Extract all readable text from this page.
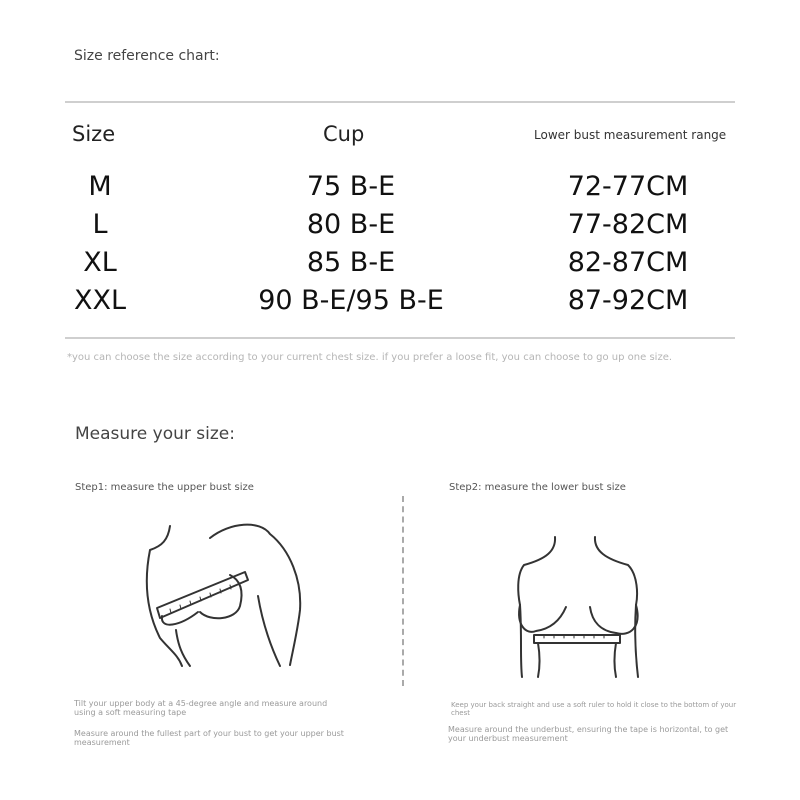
Size reference chart:
Size	Cup	Lower bust measurement range
M	75 B-E	72-77CM
L	80 B-E	77-82CM
XL	85 B-E	82-87CM
XXL	90 B-E/95 B-E	87-92CM
*you can choose the size according to your current chest size. if you prefer a loose fit, you can choose to go up one size.
Measure your size:
Step1: measure the upper bust size	Step2: measure the lower bust size
Tilt your upper body at a 45-degree angle and measure around using a soft measuring tape
Measure around the fullest part of your bust to get your upper bust measurement
Keep your back straight and use a soft ruler to hold it close to the bottom of your chest
Measure around the underbust, ensuring the tape is horizontal, to get your underbust measurement
